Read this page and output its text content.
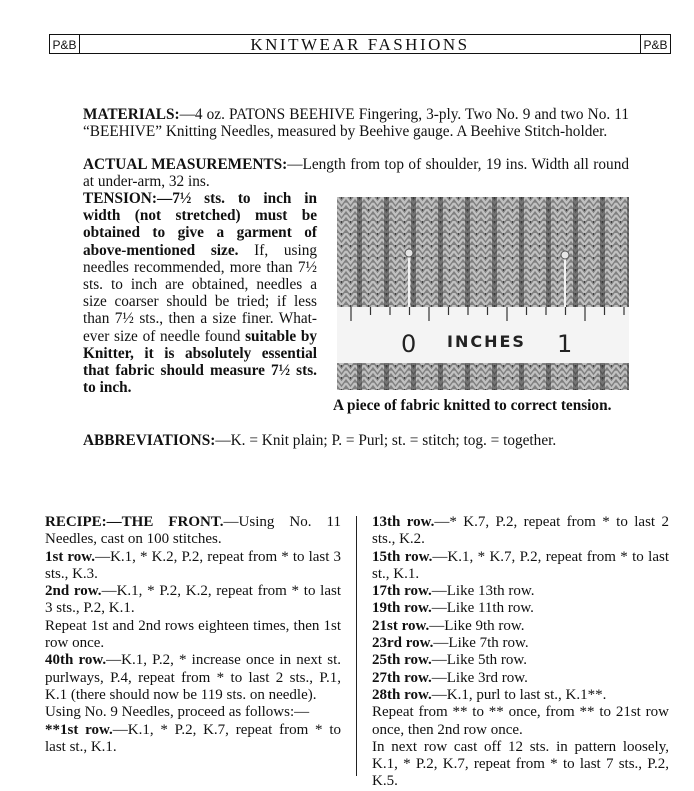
P&B	KNITWEAR FASHIONS	P&B
MATERIALS:—4 oz. PATONS BEEHIVE Fingering, 3-ply. Two No. 9 and two No. 11 “BEEHIVE” Knitting Needles, measured by Beehive gauge. A Beehive Stitch-holder.
ACTUAL MEASUREMENTS:—Length from top of shoulder, 19 ins. Width all round at under-arm, 32 ins.
TENSION:—7½ sts. to inch in width (not stretched) must be obtained to give a garment of above-mentioned size. If, using needles recommended, more than 7½ sts. to inch are obtained, needles a size coarser should be tried; if less than 7½ sts., then a size finer. What-ever size of needle found suitable by Knitter, it is absolutely essential that fabric should measure 7½ sts. to inch.
0 INCHES 1
A piece of fabric knitted to correct tension.
ABBREVIATIONS:—K. = Knit plain; P. = Purl; st. = stitch; tog. = together.

RECIPE:—THE FRONT.—Using No. 11 Needles, cast on 100 stitches.

1st row.—K.1, * K.2, P.2, repeat from * to last 3 sts., K.3.

2nd row.—K.1, * P.2, K.2, repeat from * to last 3 sts., P.2, K.1.

Repeat 1st and 2nd rows eighteen times, then 1st row once.

40th row.—K.1, P.2, * increase once in next st. purlways, P.4, repeat from * to last 2 sts., P.1, K.1 (there should now be 119 sts. on needle).

Using No. 9 Needles, proceed as follows:—

**1st row.—K.1, * P.2, K.7, repeat from * to last st., K.1.

13th row.—* K.7, P.2, repeat from * to last 2 sts., K.2.

15th row.—K.1, * K.7, P.2, repeat from * to last st., K.1.

17th row.—Like 13th row.

19th row.—Like 11th row.

21st row.—Like 9th row.

23rd row.—Like 7th row.

25th row.—Like 5th row.

27th row.—Like 3rd row.

28th row.—K.1, purl to last st., K.1**.

Repeat from ** to ** once, from ** to 21st row once, then 2nd row once.

In next row cast off 12 sts. in pattern loosely, K.1, * P.2, K.7, repeat from * to last 7 sts., P.2, K.5.
